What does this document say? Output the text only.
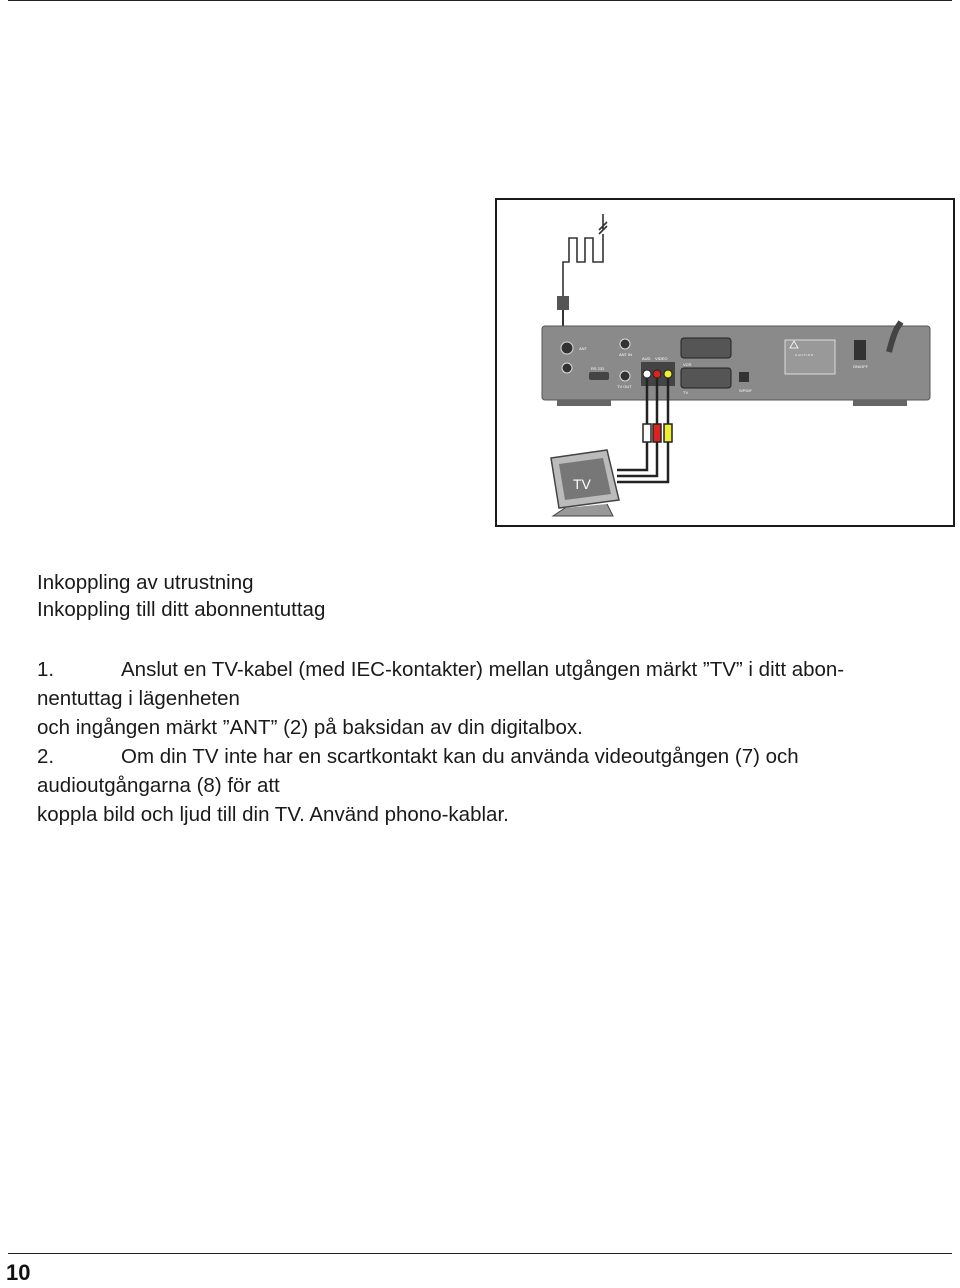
ANT
RS 232
ANT IN
TV OUT
AUD VIDEO
VCR
TV	S/PDIF
C A U T I O N
ON/OFF
TV
Inkoppling av utrustning
Inkoppling till ditt abonnentuttag
1.	Anslut en TV-kabel (med IEC-kontakter) mellan utgången märkt ”TV” i ditt abon-
nentuttag i lägenheten
och ingången märkt ”ANT” (2) på baksidan av din digitalbox.
2.	Om din TV inte har en scartkontakt kan du använda videoutgången (7) och
audioutgångarna (8) för att
koppla bild och ljud till din TV. Använd phono-kablar.
10
